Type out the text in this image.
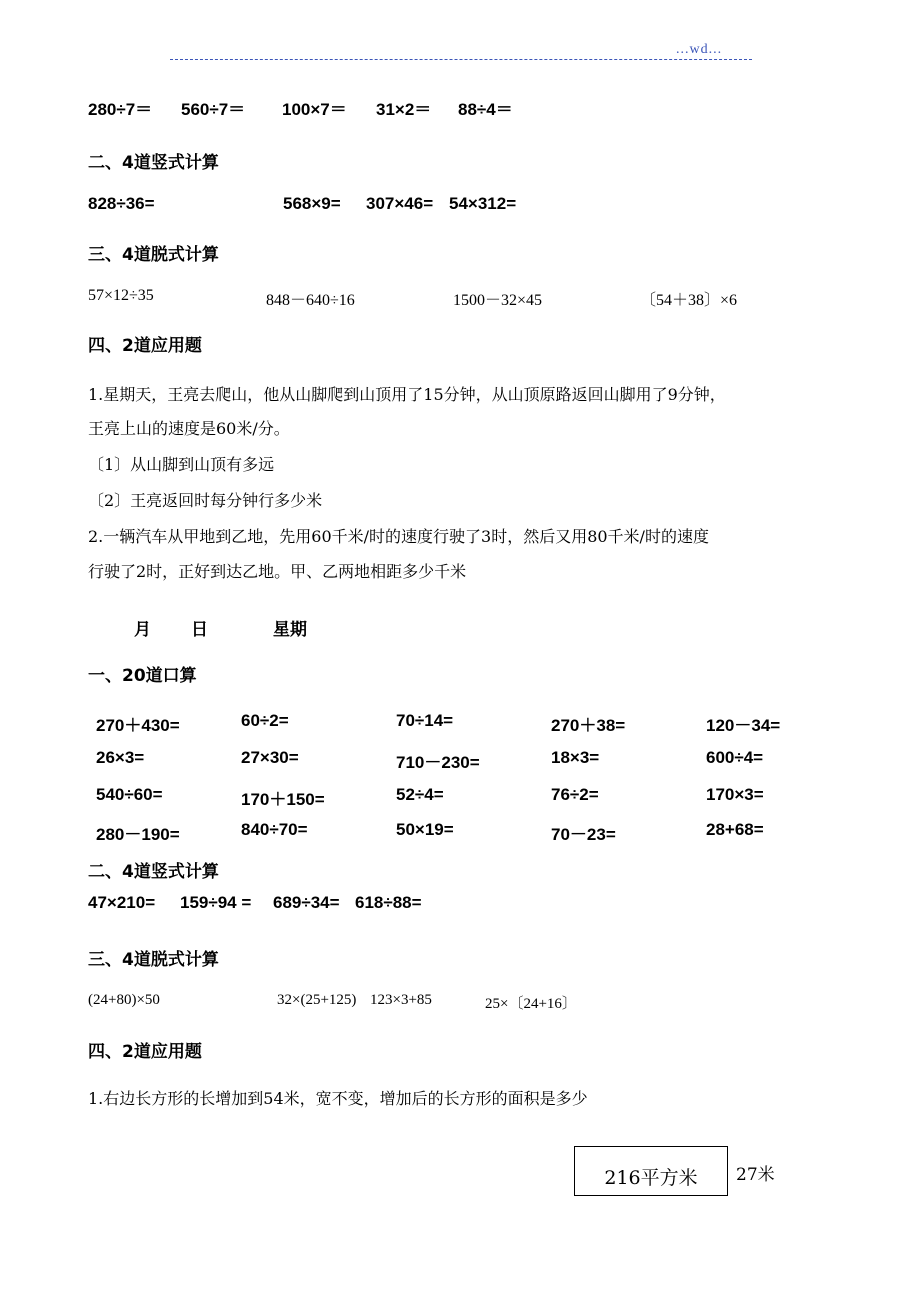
...wd...
280÷7＝ 560÷7＝ 100×7＝ 31×2＝ 88÷4＝
二、4道竖式计算
828÷36=	568×9= 307×46= 54×312=
三、4道脱式计算
57×12÷35	848－640÷16	1500－32×45	〔54＋38〕×6
四、2道应用题
1.星期天，王亮去爬山，他从山脚爬到山顶用了15分钟，从山顶原路返回山脚用了9分钟，
王亮上山的速度是60米/分。
〔1〕从山脚到山顶有多远
〔2〕王亮返回时每分钟行多少米
2.一辆汽车从甲地到乙地，先用60千米/时的速度行驶了3时，然后又用80千米/时的速度
行驶了2时，正好到达乙地。甲、乙两地相距多少千米
月 日	星期
一、20道口算
270＋430=	60÷2=	70÷14=	270＋38=	120－34=
26×3=	27×30=	710－230=	18×3=	600÷4=
540÷60=	170＋150=	52÷4=	76÷2=	170×3=
280－190=	840÷70=	50×19=	70－23=	28+68=
二、4道竖式计算
47×210= 159÷94 = 689÷34= 618÷88=
三、4道脱式计算
(24+80)×50	32×(25+125) 123×3+85	25×〔24+16〕
四、2道应用题
1.右边长方形的长增加到54米，宽不变，增加后的长方形的面积是多少
216平方米	27米
